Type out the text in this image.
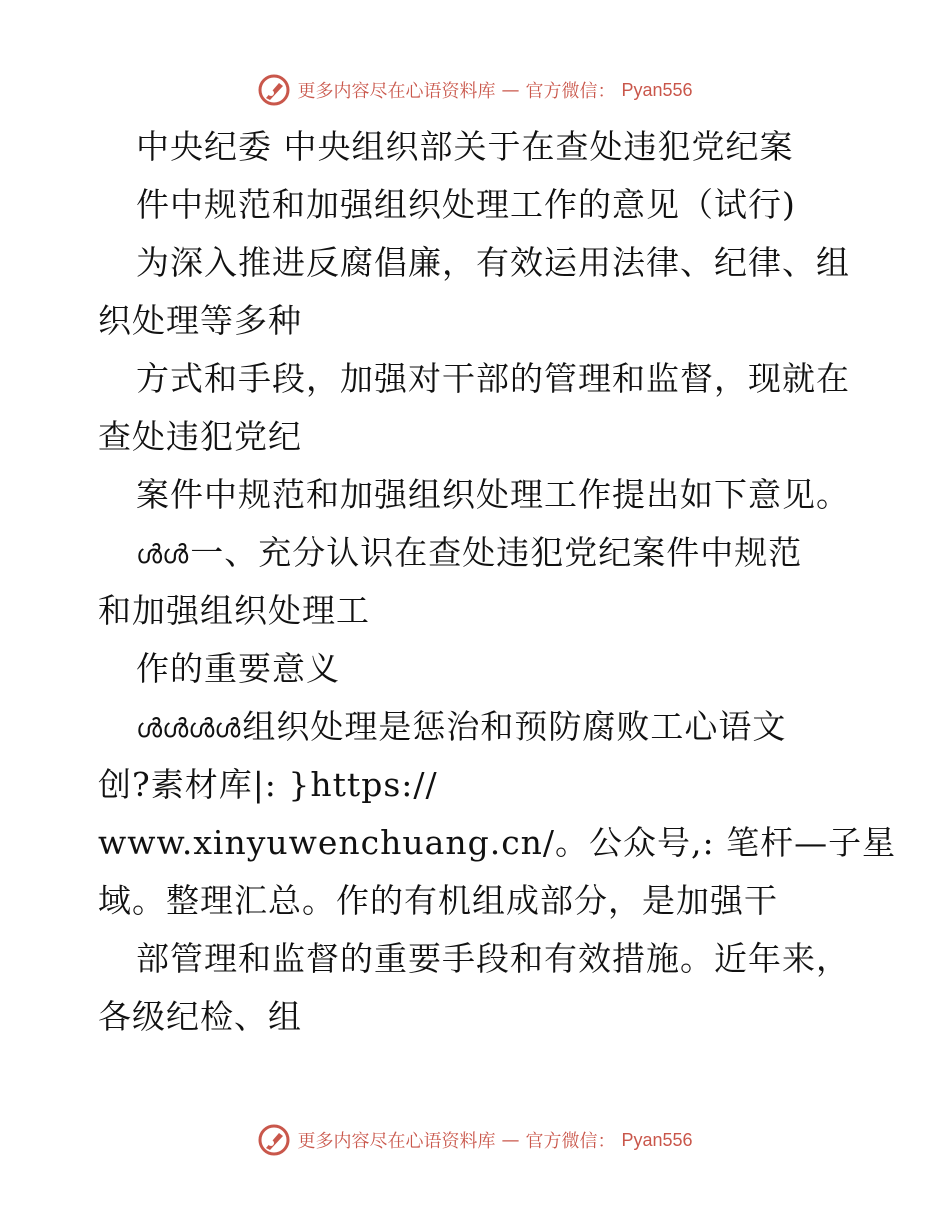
更多内容尽在心语资料库 — 官方微信： Pyan556
中央纪委 中央组织部关于在查处违犯党纪案
件中规范和加强组织处理工作的意见（试行)
为深入推进反腐倡廉，有效运用法律、纪律、组
织处理等多种
方式和手段，加强对干部的管理和监督，现就在
查处违犯党纪
案件中规范和加强组织处理工作提出如下意见。
ൾൾ一、充分认识在查处违犯党纪案件中规范
和加强组织处理工
作的重要意义
ൾൾൾൾ组织处理是惩治和预防腐败工心语文
创?素材库|: }https://
www.xinyuwenchuang.cn/。公众号,: 笔杆—子星
域。整理汇总。作的有机组成部分，是加强干
部管理和监督的重要手段和有效措施。近年来，
各级纪检、组
更多内容尽在心语资料库 — 官方微信： Pyan556
